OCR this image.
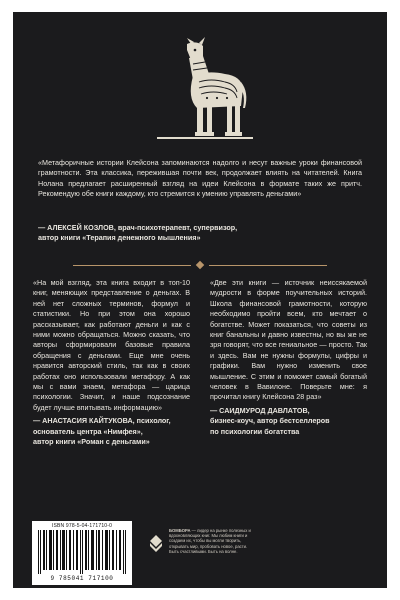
«Метафоричные истории Клейсона запоминаются надолго и несут важные уроки финансовой грамотности. Эта классика, пережившая почти век, продолжает влиять на читателей. Книга Нолана предлагает расширенный взгляд на идеи Клейсона в формате таких же притч. Рекомендую обе книги каждому, кто стремится к умению управлять деньгами»

— АЛЕКСЕЙ КОЗЛОВ, врач-психотерапевт, супервизор,
автор книги «Терапия денежного мышления»

«На мой взгляд, эта книга входит в топ-10 книг, меняющих представление о деньгах. В ней нет сложных терминов, формул и статистики. Но при этом она хорошо рассказывает, как работают деньги и как с ними можно обращаться. Можно сказать, что авторы сформировали базовые правила обращения с деньгами. Еще мне очень нравится авторский стиль, так как в своих работах оно использовали метафору. А как мы с вами знаем, метафора — царица психологии. Значит, и наше подсознание будет лучше впитывать информацию»

— АНАСТАСИЯ КАЙТУКОВА, психолог,
основатель центра «Нимфея»,
автор книги «Роман с деньгами»

«Две эти книги — источник неиссякаемой мудрости в форме поучительных историй. Школа финансовой грамотности, которую необходимо пройти всем, кто мечтает о богатстве. Может показаться, что советы из книг банальны и давно известны, но вы же не зря говорят, что все гениальное — просто. Так и здесь. Вам не нужны формулы, цифры и графики. Вам нужно изменить свое мышление. С этим и поможет самый богатый человек в Вавилоне. Поверьте мне: я прочитал книгу Клейсона 28 раз»

— САИДМУРОД ДАВЛАТОВ,
бизнес-коуч, автор бестселлеров
по психологии богатства
ISBN 978-5-04-171710-0
9 785041 717100
БОМБОРА — лидер на рынке полезных и вдохновляющих книг. Мы любим книги и создаем их, чтобы вы могли творить, открывать мир, пробовать новое, расти. Быть счастливыми. Быть на волне.
